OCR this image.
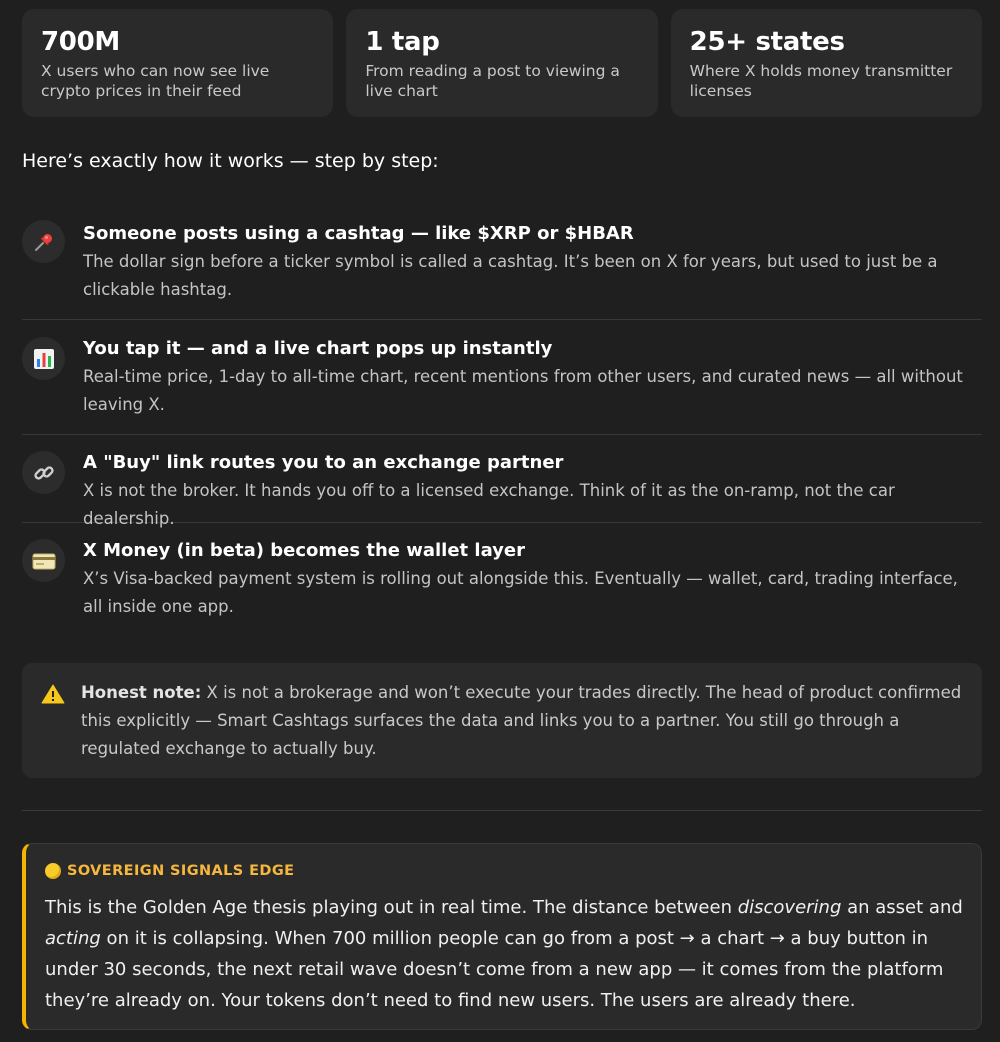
700M
X users who can now see live crypto prices in their feed
1 tap
From reading a post to viewing a live chart
25+ states
Where X holds money transmitter licenses
Here’s exactly how it works — step by step:
Someone posts using a cashtag — like $XRP or $HBAR
The dollar sign before a ticker symbol is called a cashtag. It’s been on X for years, but used to just be a clickable hashtag.
You tap it — and a live chart pops up instantly
Real-time price, 1-day to all-time chart, recent mentions from other users, and curated news — all without leaving X.
A "Buy" link routes you to an exchange partner
X is not the broker. It hands you off to a licensed exchange. Think of it as the on-ramp, not the car dealership.
X Money (in beta) becomes the wallet layer
X’s Visa-backed payment system is rolling out alongside this. Eventually — wallet, card, trading interface, all inside one app.
Honest note: X is not a brokerage and won’t execute your trades directly. The head of product confirmed this explicitly — Smart Cashtags surfaces the data and links you to a partner. You still go through a regulated exchange to actually buy.
SOVEREIGN SIGNALS EDGE
This is the Golden Age thesis playing out in real time. The distance between discovering an asset and acting on it is collapsing. When 700 million people can go from a post → a chart → a buy button in under 30 seconds, the next retail wave doesn’t come from a new app — it comes from the platform they’re already on. Your tokens don’t need to find new users. The users are already there.
